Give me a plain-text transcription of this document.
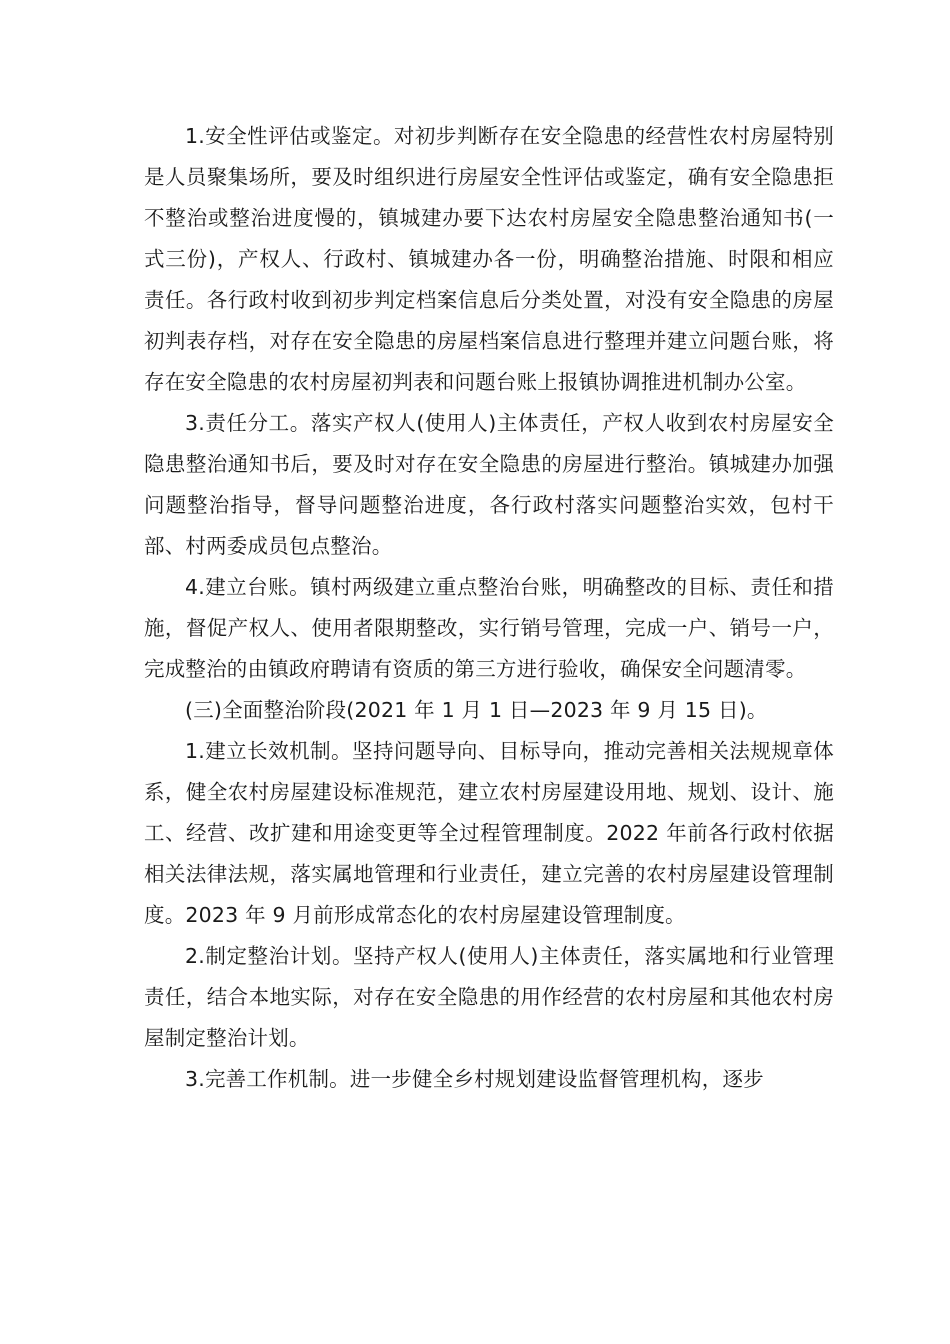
1.安全性评估或鉴定。对初步判断存在安全隐患的经营性农村房屋特别是人员聚集场所，要及时组织进行房屋安全性评估或鉴定，确有安全隐患拒不整治或整治进度慢的，镇城建办要下达农村房屋安全隐患整治通知书(一式三份)，产权人、行政村、镇城建办各一份，明确整治措施、时限和相应责任。各行政村收到初步判定档案信息后分类处置，对没有安全隐患的房屋初判表存档，对存在安全隐患的房屋档案信息进行整理并建立问题台账，将存在安全隐患的农村房屋初判表和问题台账上报镇协调推进机制办公室。

3.责任分工。落实产权人(使用人)主体责任，产权人收到农村房屋安全隐患整治通知书后，要及时对存在安全隐患的房屋进行整治。镇城建办加强问题整治指导，督导问题整治进度，各行政村落实问题整治实效，包村干部、村两委成员包点整治。

4.建立台账。镇村两级建立重点整治台账，明确整改的目标、责任和措施，督促产权人、使用者限期整改，实行销号管理，完成一户、销号一户，完成整治的由镇政府聘请有资质的第三方进行验收，确保安全问题清零。

(三)全面整治阶段(2021 年 1 月 1 日—2023 年 9 月 15 日)。

1.建立长效机制。坚持问题导向、目标导向，推动完善相关法规规章体系，健全农村房屋建设标准规范，建立农村房屋建设用地、规划、设计、施工、经营、改扩建和用途变更等全过程管理制度。2022 年前各行政村依据相关法律法规，落实属地管理和行业责任，建立完善的农村房屋建设管理制度。2023 年 9 月前形成常态化的农村房屋建设管理制度。

2.制定整治计划。坚持产权人(使用人)主体责任，落实属地和行业管理责任，结合本地实际，对存在安全隐患的用作经营的农村房屋和其他农村房屋制定整治计划。

3.完善工作机制。进一步健全乡村规划建设监督管理机构，逐步
